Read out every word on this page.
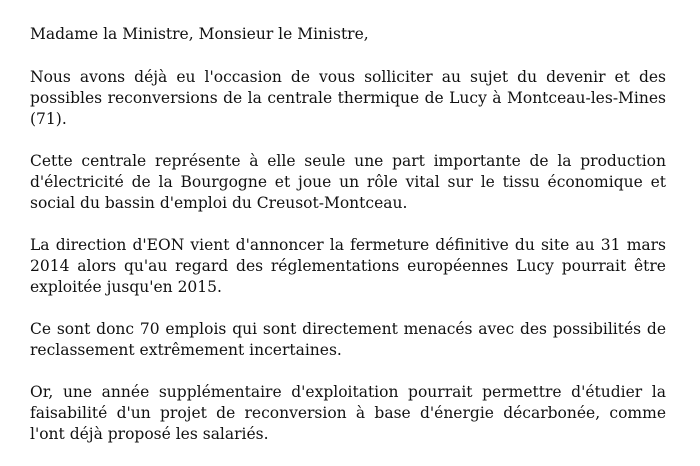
Madame la Ministre, Monsieur le Ministre,

Nous avons déjà eu l'occasion de vous solliciter au sujet du devenir et des possibles reconversions de la centrale thermique de Lucy à Montceau-les-Mines (71).

Cette centrale représente à elle seule une part importante de la production d'électricité de la Bourgogne et joue un rôle vital sur le tissu économique et social du bassin d'emploi du Creusot-Montceau.

La direction d'EON vient d'annoncer la fermeture définitive du site au 31 mars 2014 alors qu'au regard des réglementations européennes Lucy pourrait être exploitée jusqu'en 2015.

Ce sont donc 70 emplois qui sont directement menacés avec des possibilités de reclassement extrêmement incertaines.

Or, une année supplémentaire d'exploitation pourrait permettre d'étudier la faisabilité d'un projet de reconversion à base d'énergie décarbonée, comme l'ont déjà proposé les salariés.
